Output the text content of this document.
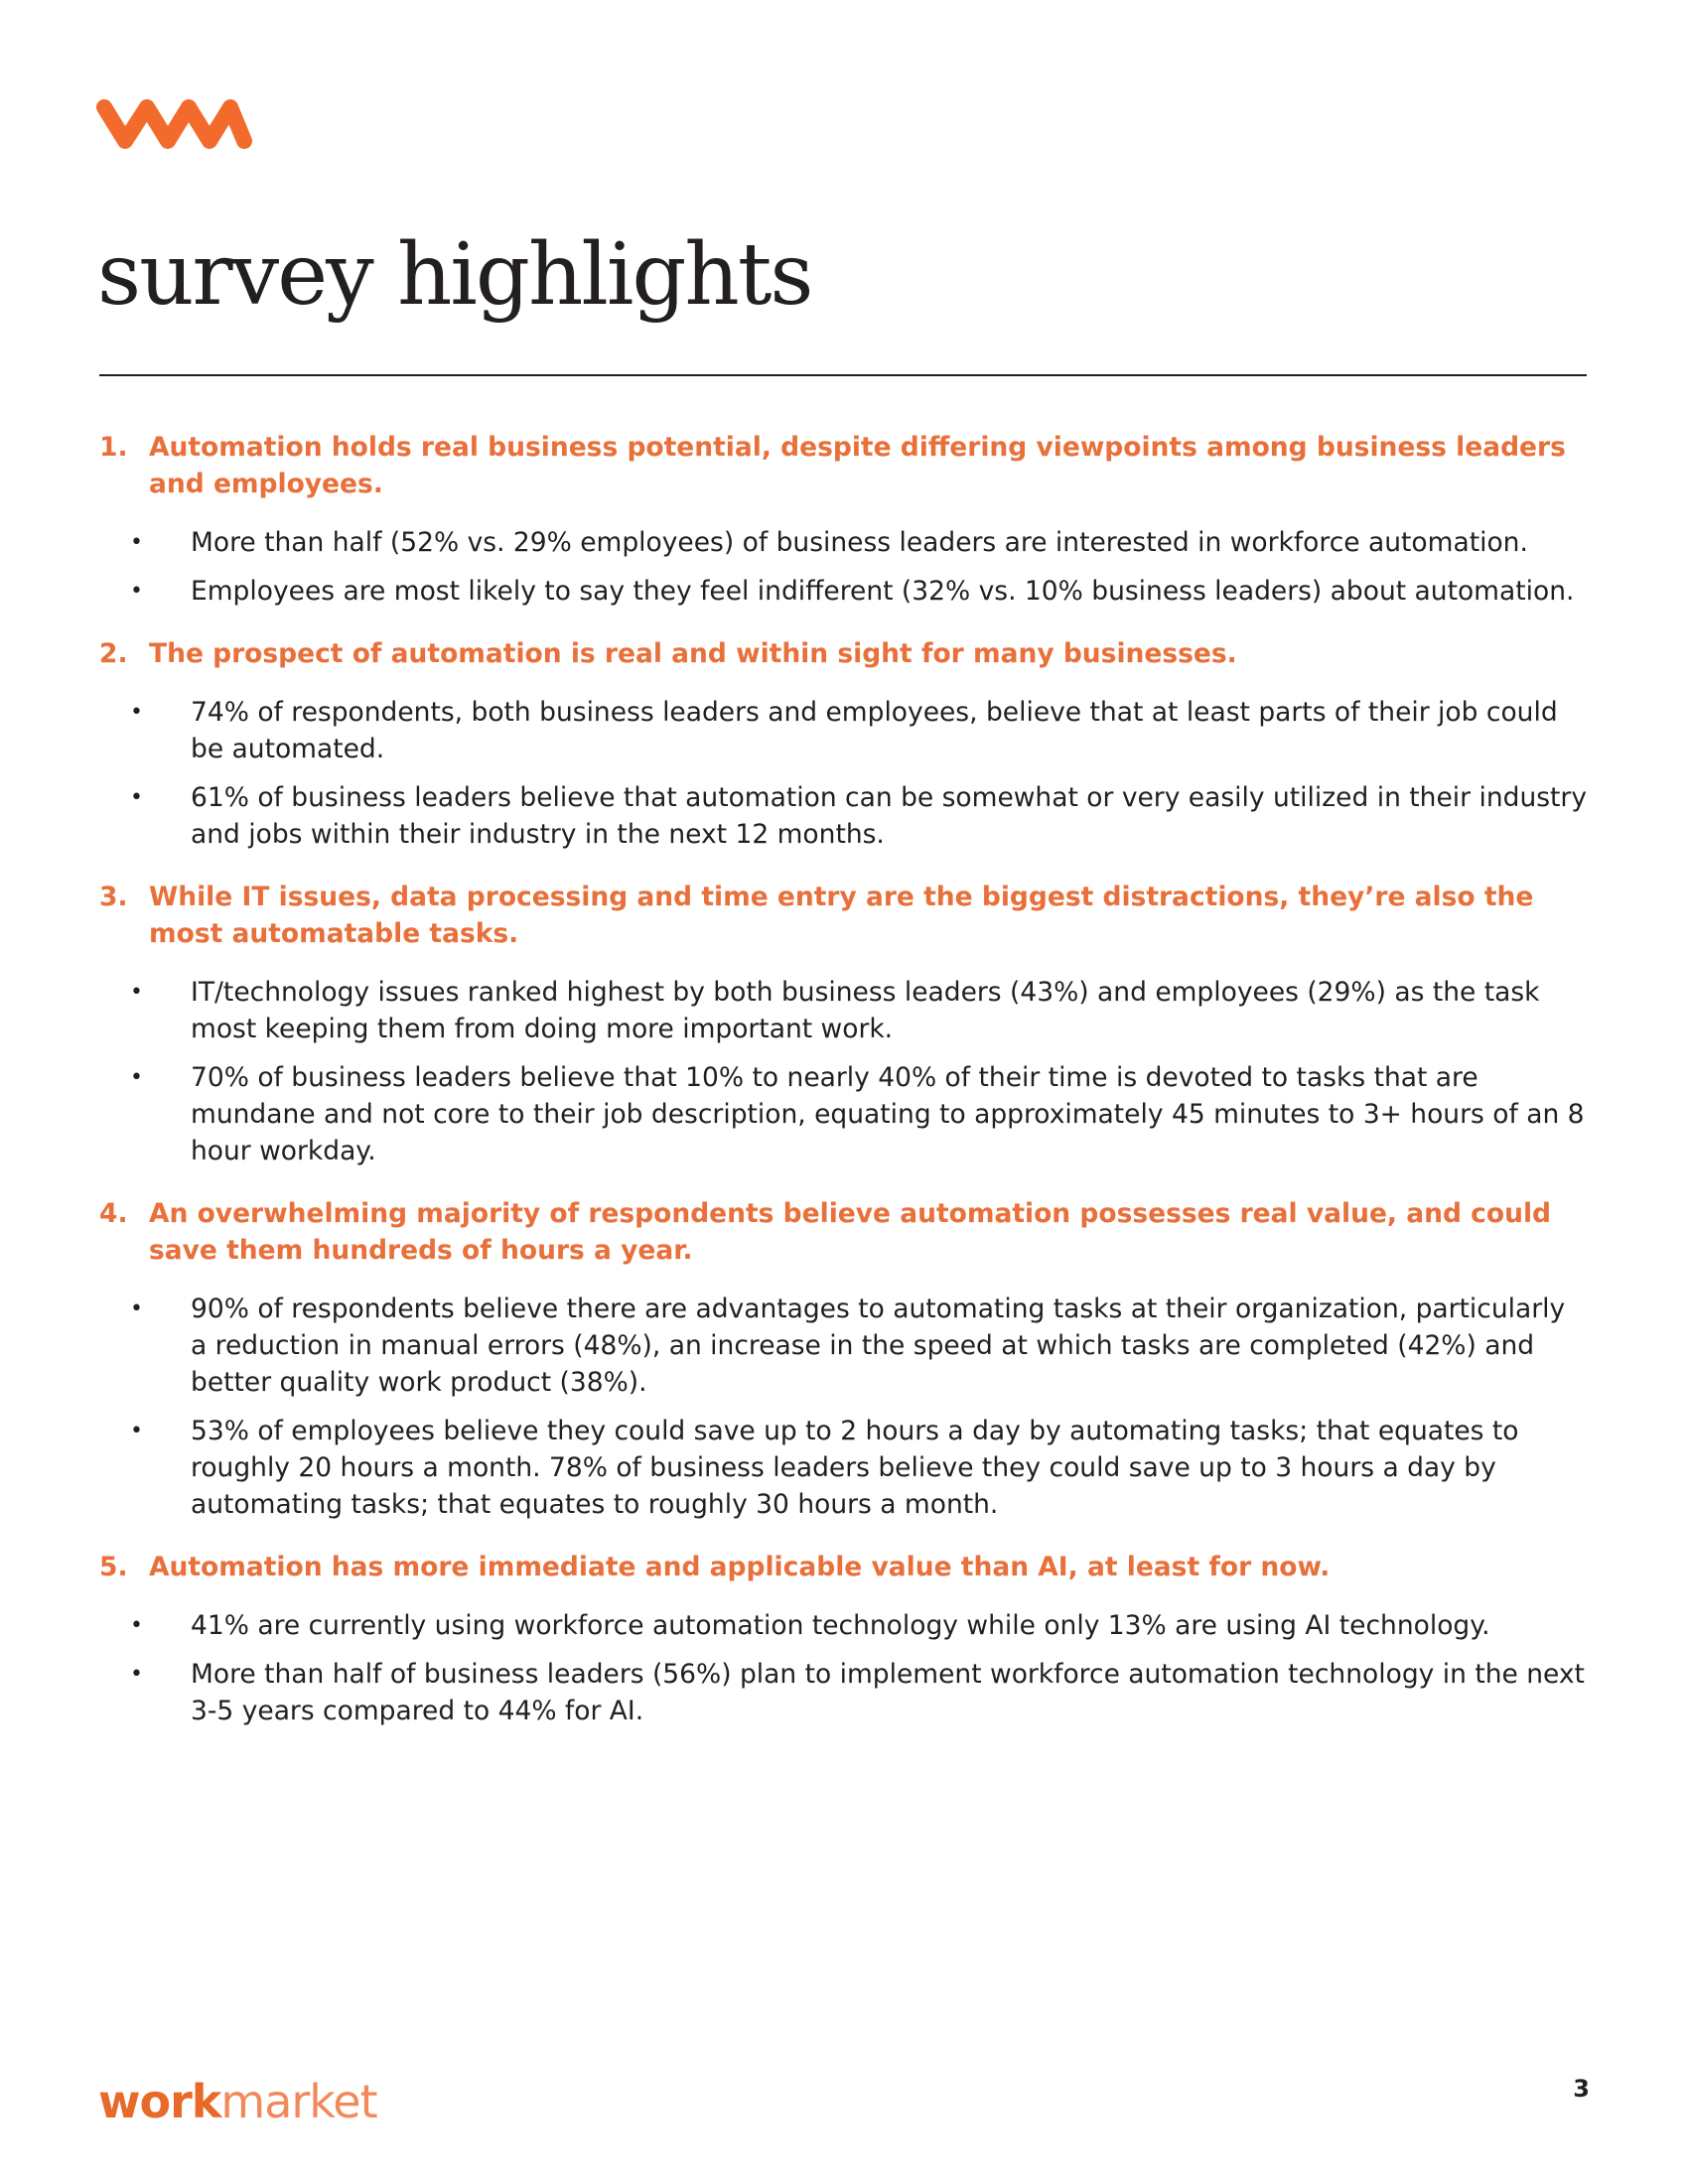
survey highlights
1. Automation holds real business potential, despite differing viewpoints among business leaders and employees.
•	More than half (52% vs. 29% employees) of business leaders are interested in workforce automation.
•	Employees are most likely to say they feel indifferent (32% vs. 10% business leaders) about automation.
2. The prospect of automation is real and within sight for many businesses.
•	74% of respondents, both business leaders and employees, believe that at least parts of their job could be automated.
•	61% of business leaders believe that automation can be somewhat or very easily utilized in their industry and jobs within their industry in the next 12 months.
3. While IT issues, data processing and time entry are the biggest distractions, they’re also the most automatable tasks.
•	IT/technology issues ranked highest by both business leaders (43%) and employees (29%) as the task most keeping them from doing more important work.
•	70% of business leaders believe that 10% to nearly 40% of their time is devoted to tasks that are mundane and not core to their job description, equating to approximately 45 minutes to 3+ hours of an 8 hour workday.
4. An overwhelming majority of respondents believe automation possesses real value, and could save them hundreds of hours a year.
•	90% of respondents believe there are advantages to automating tasks at their organization, particularly a reduction in manual errors (48%), an increase in the speed at which tasks are completed (42%) and better quality work product (38%).
•	53% of employees believe they could save up to 2 hours a day by automating tasks; that equates to roughly 20 hours a month. 78% of business leaders believe they could save up to 3 hours a day by automating tasks; that equates to roughly 30 hours a month.
5. Automation has more immediate and applicable value than AI, at least for now.
•	41% are currently using workforce automation technology while only 13% are using AI technology.
•	More than half of business leaders (56%) plan to implement workforce automation technology in the next 3-5 years compared to 44% for AI.
workmarket	3
